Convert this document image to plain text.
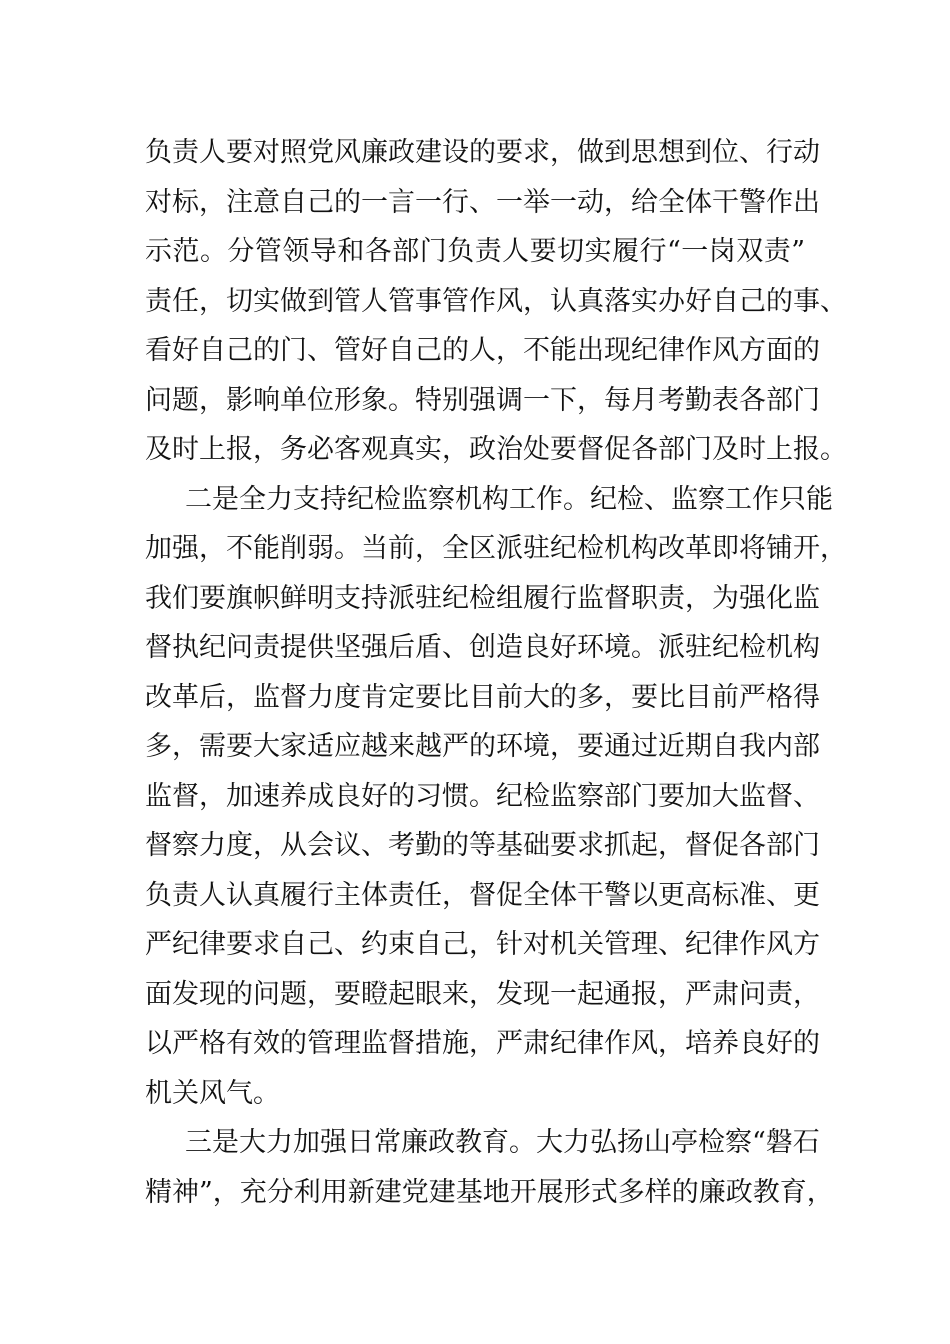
负责人要对照党风廉政建设的要求，做到思想到位、行动
对标，注意自己的一言一行、一举一动，给全体干警作出
示范。分管领导和各部门负责人要切实履行“一岗双责”
责任，切实做到管人管事管作风，认真落实办好自己的事、
看好自己的门、管好自己的人，不能出现纪律作风方面的
问题，影响单位形象。特别强调一下，每月考勤表各部门
及时上报，务必客观真实，政治处要督促各部门及时上报。
二是全力支持纪检监察机构工作。纪检、监察工作只能
加强，不能削弱。当前，全区派驻纪检机构改革即将铺开，
我们要旗帜鲜明支持派驻纪检组履行监督职责，为强化监
督执纪问责提供坚强后盾、创造良好环境。派驻纪检机构
改革后，监督力度肯定要比目前大的多，要比目前严格得
多，需要大家适应越来越严的环境，要通过近期自我内部
监督，加速养成良好的习惯。纪检监察部门要加大监督、
督察力度，从会议、考勤的等基础要求抓起，督促各部门
负责人认真履行主体责任，督促全体干警以更高标准、更
严纪律要求自己、约束自己，针对机关管理、纪律作风方
面发现的问题，要瞪起眼来，发现一起通报，严肃问责，
以严格有效的管理监督措施，严肃纪律作风，培养良好的
机关风气。
三是大力加强日常廉政教育。大力弘扬山亭检察“磐石
精神”，充分利用新建党建基地开展形式多样的廉政教育，
